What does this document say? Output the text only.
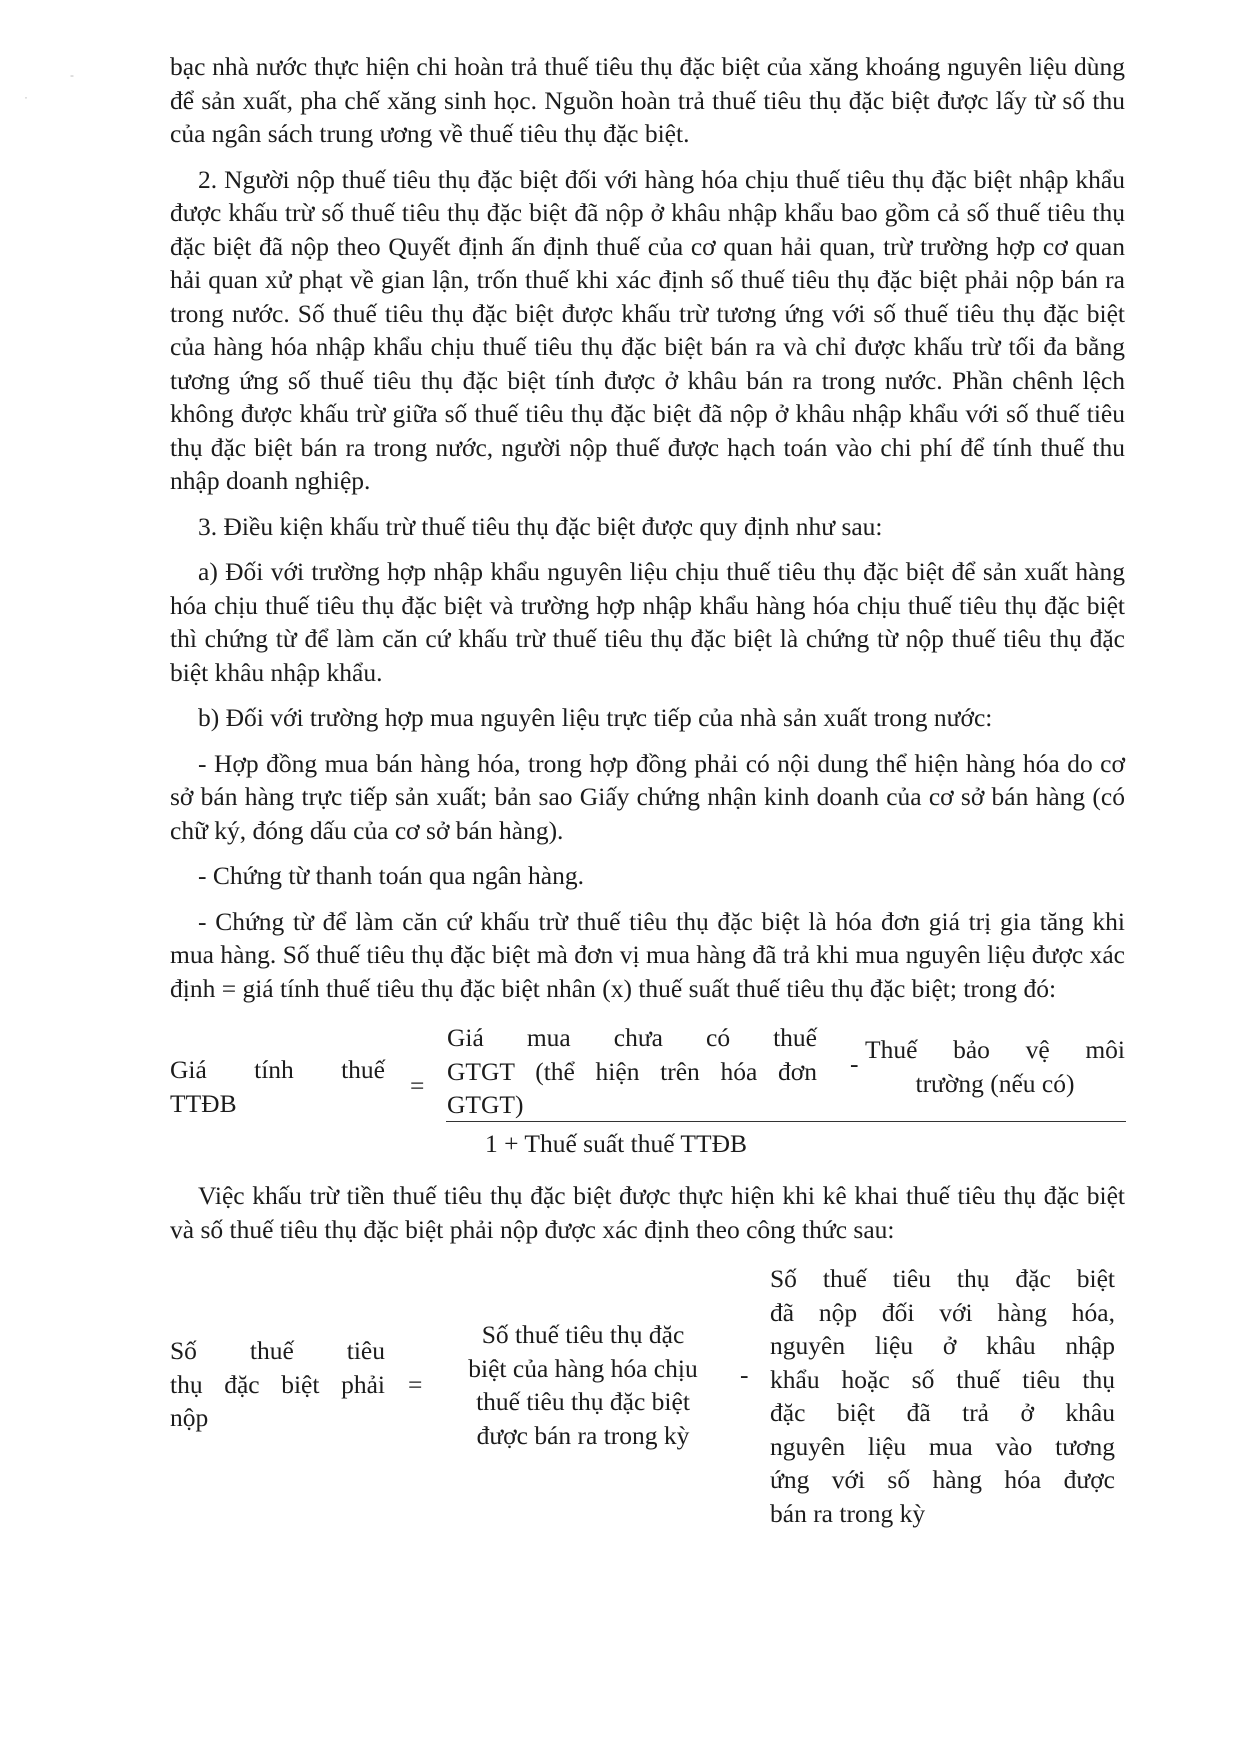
-
·

bạc nhà nước thực hiện chi hoàn trả thuế tiêu thụ đặc biệt của xăng khoáng nguyên liệu dùng để sản xuất, pha chế xăng sinh học. Nguồn hoàn trả thuế tiêu thụ đặc biệt được lấy từ số thu của ngân sách trung ương về thuế tiêu thụ đặc biệt.

2. Người nộp thuế tiêu thụ đặc biệt đối với hàng hóa chịu thuế tiêu thụ đặc biệt nhập khẩu được khấu trừ số thuế tiêu thụ đặc biệt đã nộp ở khâu nhập khẩu bao gồm cả số thuế tiêu thụ đặc biệt đã nộp theo Quyết định ấn định thuế của cơ quan hải quan, trừ trường hợp cơ quan hải quan xử phạt về gian lận, trốn thuế khi xác định số thuế tiêu thụ đặc biệt phải nộp bán ra trong nước. Số thuế tiêu thụ đặc biệt được khấu trừ tương ứng với số thuế tiêu thụ đặc biệt của hàng hóa nhập khẩu chịu thuế tiêu thụ đặc biệt bán ra và chỉ được khấu trừ tối đa bằng tương ứng số thuế tiêu thụ đặc biệt tính được ở khâu bán ra trong nước. Phần chênh lệch không được khấu trừ giữa số thuế tiêu thụ đặc biệt đã nộp ở khâu nhập khẩu với số thuế tiêu thụ đặc biệt bán ra trong nước, người nộp thuế được hạch toán vào chi phí để tính thuế thu nhập doanh nghiệp.

3. Điều kiện khấu trừ thuế tiêu thụ đặc biệt được quy định như sau:

a) Đối với trường hợp nhập khẩu nguyên liệu chịu thuế tiêu thụ đặc biệt để sản xuất hàng hóa chịu thuế tiêu thụ đặc biệt và trường hợp nhập khẩu hàng hóa chịu thuế tiêu thụ đặc biệt thì chứng từ để làm căn cứ khấu trừ thuế tiêu thụ đặc biệt là chứng từ nộp thuế tiêu thụ đặc biệt khâu nhập khẩu.

b) Đối với trường hợp mua nguyên liệu trực tiếp của nhà sản xuất trong nước:

- Hợp đồng mua bán hàng hóa, trong hợp đồng phải có nội dung thể hiện hàng hóa do cơ sở bán hàng trực tiếp sản xuất; bản sao Giấy chứng nhận kinh doanh của cơ sở bán hàng (có chữ ký, đóng dấu của cơ sở bán hàng).

- Chứng từ thanh toán qua ngân hàng.

- Chứng từ để làm căn cứ khấu trừ thuế tiêu thụ đặc biệt là hóa đơn giá trị gia tăng khi mua hàng. Số thuế tiêu thụ đặc biệt mà đơn vị mua hàng đã trả khi mua nguyên liệu được xác định = giá tính thuế tiêu thụ đặc biệt nhân (x) thuế suất thuế tiêu thụ đặc biệt; trong đó:

Giá tính thuế
TTĐB
=
Giá mua chưa có thuế
GTGT (thể hiện trên hóa đơn
GTGT)
- Thuế bảo vệ môi
trường (nếu có)
1 + Thuế suất thuế TTĐB

Việc khấu trừ tiền thuế tiêu thụ đặc biệt được thực hiện khi kê khai thuế tiêu thụ đặc biệt và số thuế tiêu thụ đặc biệt phải nộp được xác định theo công thức sau:

Số thuế tiêu
thụ đặc biệt phải
nộp
=
Số thuế tiêu thụ đặc
biệt của hàng hóa chịu
thuế tiêu thụ đặc biệt
được bán ra trong kỳ
-
Số thuế tiêu thụ đặc biệt
đã nộp đối với hàng hóa,
nguyên liệu ở khâu nhập
khẩu hoặc số thuế tiêu thụ
đặc biệt đã trả ở khâu
nguyên liệu mua vào tương
ứng với số hàng hóa được
bán ra trong kỳ
